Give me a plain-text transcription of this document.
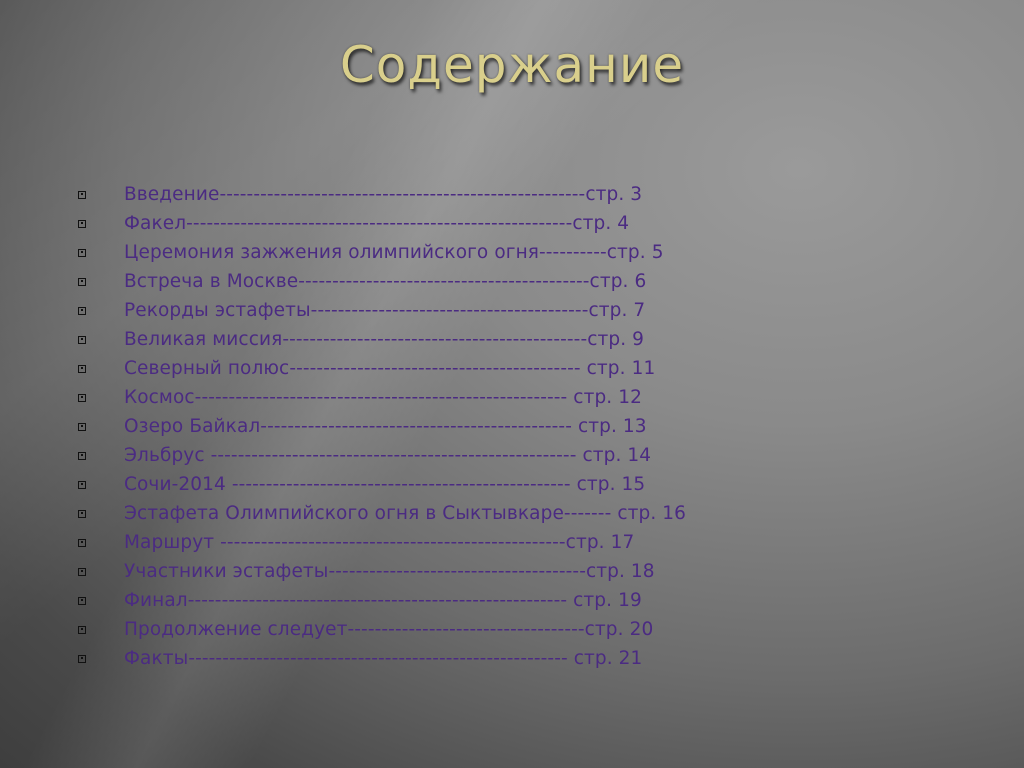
Содержание
Введение------------------------------------------------------стр. 3
Факел---------------------------------------------------------стр. 4
Церемония зажжения олимпийского огня----------стр. 5
Встреча в Москве-------------------------------------------стр. 6
Рекорды эстафеты-----------------------------------------стр. 7
Великая миссия---------------------------------------------стр. 9
Северный полюс------------------------------------------- стр. 11
Космос------------------------------------------------------- стр. 12
Озеро Байкал---------------------------------------------- стр. 13
Эльбрус ------------------------------------------------------ стр. 14
Сочи-2014 -------------------------------------------------- стр. 15
Эстафета Олимпийского огня в Сыктывкаре------- стр. 16
Маршрут ---------------------------------------------------стр. 17
Участники эстафеты--------------------------------------стр. 18
Финал-------------------------------------------------------- стр. 19
Продолжение следует-----------------------------------стр. 20
Факты-------------------------------------------------------- стр. 21
